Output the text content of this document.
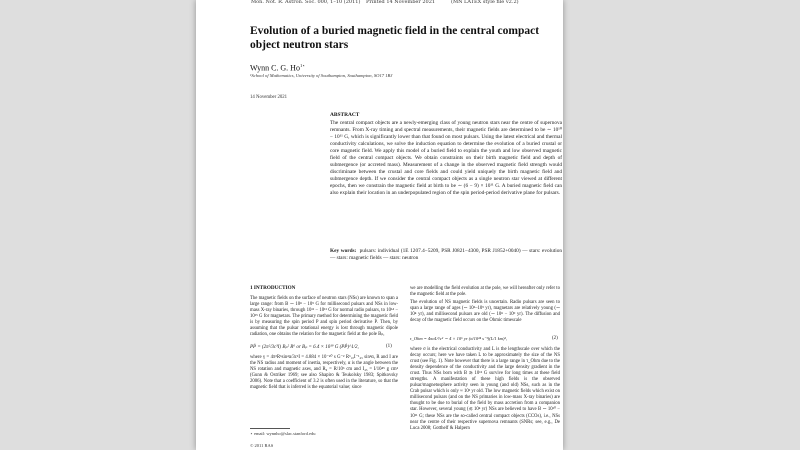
Mon. Not. R. Astron. Soc. 000, 1–10 (2011) Printed 14 November 2021	(MN LATEX style file v2.2)
Evolution of a buried magnetic field in the central compact object neutron stars
Wynn C. G. $Ho^{1⋆}$
¹School of Mathematics, University of Southampton, Southampton, SO17 1BJ
14 November 2021
ABSTRACT
The central compact objects are a newly-emerging class of young neutron stars near the centre of supernova remnants. From X-ray timing and spectral measurements, their magnetic fields are determined to be ∼ 10¹⁰ − 10¹¹ G, which is significantly lower than that found on most pulsars. Using the latest electrical and thermal conductivity calculations, we solve the induction equation to determine the evolution of a buried crustal or core magnetic field. We apply this model of a buried field to explain the youth and low observed magnetic field of the central compact objects. We obtain constraints on their birth magnetic field and depth of submergence (or accreted mass). Measurement of a change in the observed magnetic field strength would discriminate between the crustal and core fields and could yield uniquely the birth magnetic field and submergence depth. If we consider the central compact objects as a single neutron star viewed at different epochs, then we constrain the magnetic field at birth to be ∼ (6 − 9) × 10¹¹ G. A buried magnetic field can also explain their location in an underpopulated region of the spin period-period derivative plane for pulsars.
Key words: pulsars: individual (1E 1207.4−5209, PSR J0821−4300, PSR J1852+0040) — stars: evolution — stars: magnetic fields — stars: neutron
1 INTRODUCTION
The magnetic fields on the surface of neutron stars (NSs) are known to span a large range: from B ∼ 10⁸ − 10⁹ G for millisecond pulsars and NSs in low-mass X-ray binaries, through 10¹¹ − 10¹³ G for normal radio pulsars, to 10¹⁴ − 10¹⁵ G for magnetars. The primary method for determining the magnetic field is by measuring the spin period P and spin period derivative Ṗ. Then, by assuming that the pulsar rotational energy is lost through magnetic dipole radiation, one obtains the relation for the magnetic field at the pole Bₚ,
PṖ = (2π²/3c³I) Bₚ² R⁶ or Bₚ = 6.4 × 10¹⁹ G (PṖ)^1/2,	(1)
where γ = 4π²R⁶sin²α/3c³I = 4.884 × 10⁻⁴⁰ s G⁻² R⁶₁₀I⁻¹₄₅ sin²α, R and I are the NS radius and moment of inertia, respectively, α is the angle between the NS rotation and magnetic axes, and R₆ = R/10⁶ cm and I₄₅ = I/10⁴⁵ g cm² (Gunn & Ostriker 1969; see also Shapiro & Teukolsky 1983; Spitkovsky 2006). Note that a coefficient of 3.2 is often used in the literature, so that the magnetic field that is inferred is the equatorial value; since
⋆ email: wynnho@slac.stanford.edu
© 2011 RAS
we are modelling the field evolution at the pole, we will hereafter only refer to the magnetic field at the pole.
The evolution of NS magnetic fields is uncertain. Radio pulsars are seen to span a large range of ages (∼ 10²–10⁹ yr), magnetars are relatively young (∼ 10⁴ yr), and millisecond pulsars are old (∼ 10⁸ − 10⁹ yr). The diffusion and decay of the magnetic field occurs on the Ohmic timescale
τ_Ohm = 4πσL²/c² ∼ 4 × 10⁶ yr (σ/10²⁴ s⁻¹)(L/1 km)²,	(2)
where σ is the electrical conductivity and L is the lengthscale over which the decay occurs; here we have taken L to be approximately the size of the NS crust (see Fig. 1). Note however that there is a large range in τ_Ohm due to the density dependence of the conductivity and the large density gradient in the crust. Thus NSs born with B ≳ 10¹³ G survive for long times at these field strengths. A manifestation of these high fields is the observed pulsar/magnetosphere activity seen in young (and old) NSs, such as in the Crab pulsar which is only ≈ 10³ yr old. The low magnetic fields which exist on millisecond pulsars (and on the NS primaries in low-mass X-ray binaries) are thought to be due to burial of the field by mass accretion from a companion star. However, several young (≲ 10⁴ yr) NSs are believed to have B ∼ 10¹⁰ − 10¹¹ G; these NSs are the so-called central compact objects (CCOs), i.e., NSs near the centre of their respective supernova remnants (SNRs; see, e.g., De Luca 2008; Gotthelf & Halpern
